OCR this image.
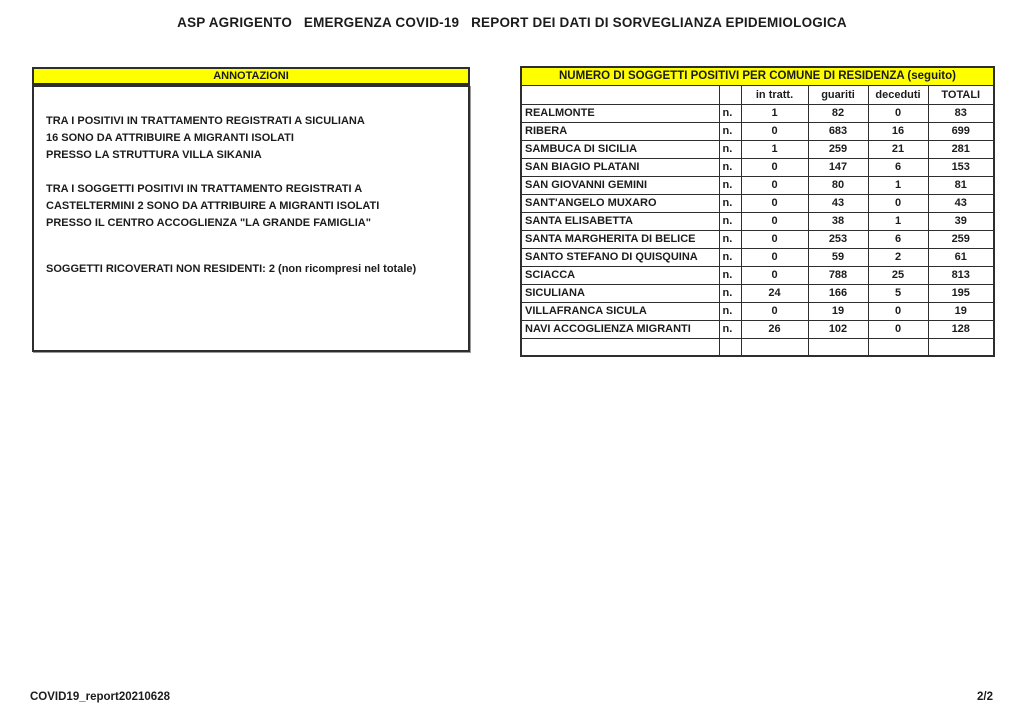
ASP AGRIGENTO   EMERGENZA COVID-19   REPORT DEI DATI DI SORVEGLIANZA EPIDEMIOLOGICA
ANNOTAZIONI
TRA I POSITIVI IN TRATTAMENTO REGISTRATI A SICULIANA
16 SONO DA ATTRIBUIRE A MIGRANTI ISOLATI
PRESSO LA STRUTTURA VILLA SIKANIA
TRA I SOGGETTI POSITIVI IN TRATTAMENTO REGISTRATI A
CASTELTERMINI 2 SONO DA ATTRIBUIRE A MIGRANTI ISOLATI
PRESSO IL CENTRO ACCOGLIENZA "LA GRANDE FAMIGLIA"
SOGGETTI RICOVERATI NON RESIDENTI: 2 (non ricompresi nel totale)
NUMERO DI SOGGETTI POSITIVI PER COMUNE DI RESIDENZA (seguito)					
		in tratt.	guariti	deceduti	TOTALI
REALMONTE	n.	1	82	0	83
RIBERA	n.	0	683	16	699
SAMBUCA DI SICILIA	n.	1	259	21	281
SAN BIAGIO PLATANI	n.	0	147	6	153
SAN GIOVANNI GEMINI	n.	0	80	1	81
SANT'ANGELO MUXARO	n.	0	43	0	43
SANTA ELISABETTA	n.	0	38	1	39
SANTA MARGHERITA DI BELICE	n.	0	253	6	259
SANTO STEFANO DI QUISQUINA	n.	0	59	2	61
SCIACCA	n.	0	788	25	813
SICULIANA	n.	24	166	5	195
VILLAFRANCA SICULA	n.	0	19	0	19
NAVI ACCOGLIENZA MIGRANTI	n.	26	102	0	128

COVID19_report20210628	2/2
